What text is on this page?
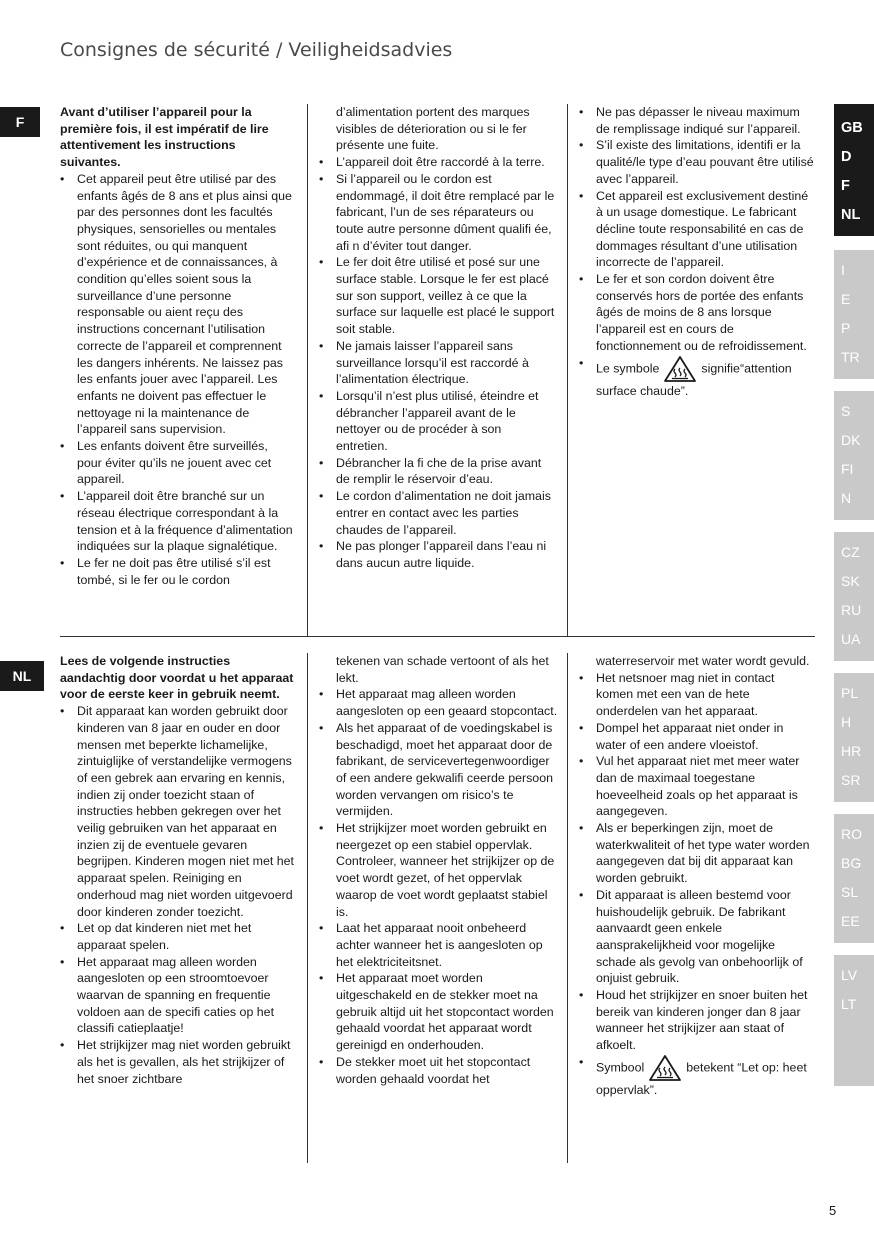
Consignes de sécurité / Veiligheidsadvies
F

Avant d’utiliser l’appareil pour la première fois, il est impératif de lire attentivement les instructions suivantes.

• Cet appareil peut être utilisé par des enfants âgés de 8 ans et plus ainsi que par des personnes dont les facultés physiques, sensorielles ou mentales sont réduites, ou qui manquent d’expérience et de connaissances, à condition qu’elles soient sous la surveillance d’une personne responsable ou aient reçu des instructions concernant l’utilisation correcte de l’appareil et comprennent les dangers inhérents. Ne laissez pas les enfants jouer avec l’appareil. Les enfants ne doivent pas effectuer le nettoyage ni la maintenance de l’appareil sans supervision.
• Les enfants doivent être surveillés, pour éviter qu’ils ne jouent avec cet appareil.
• L’appareil doit être branché sur un réseau électrique correspondant à la tension et à la fréquence d’alimentation indiquées sur la plaque signalétique.
• Le fer ne doit pas être utilisé s’il est tombé, si le fer ou le cordon

d’alimentation portent des marques visibles de déterioration ou si le fer présente une fuite.

• L’appareil doit être raccordé à la terre.
• Si l’appareil ou le cordon est endommagé, il doit être remplacé par le fabricant, l’un de ses réparateurs ou toute autre personne dûment qualifi ée, afi n d’éviter tout danger.
• Le fer doit être utilisé et posé sur une surface stable. Lorsque le fer est placé sur son support, veillez à ce que la surface sur laquelle est placé le support soit stable.
• Ne jamais laisser l’appareil sans surveillance lorsqu’il est raccordé à l’alimentation électrique.
• Lorsqu’il n’est plus utilisé, éteindre et débrancher l’appareil avant de le nettoyer ou de procéder à son entretien.
• Débrancher la fi che de la prise avant de remplir le réservoir d’eau.
• Le cordon d’alimentation ne doit jamais entrer en contact avec les parties chaudes de l’appareil.
• Ne pas plonger l’appareil dans l’eau ni dans aucun autre liquide.
• Ne pas dépasser le niveau maximum de remplissage indiqué sur l’appareil.
• S’il existe des limitations, identifi er la qualité/le type d’eau pouvant être utilisé avec l’appareil.
• Cet appareil est exclusivement destiné à un usage domestique. Le fabricant décline toute responsabilité en cas de dommages résultant d’une utilisation incorrecte de l’appareil.
• Le fer et son cordon doivent être conservés hors de portée des enfants âgés de moins de 8 ans lorsque l’appareil est en cours de fonctionnement ou de refroidissement.
• Le symbole	signifie“attention surface chaude”.
NL

Lees de volgende instructies aandachtig door voordat u het apparaat voor de eerste keer in gebruik neemt.

• Dit apparaat kan worden gebruikt door kinderen van 8 jaar en ouder en door mensen met beperkte lichamelijke, zintuiglijke of verstandelijke vermogens of een gebrek aan ervaring en kennis, indien zij onder toezicht staan of instructies hebben gekregen over het veilig gebruiken van het apparaat en inzien zij de eventuele gevaren begrijpen. Kinderen mogen niet met het apparaat spelen. Reiniging en onderhoud mag niet worden uitgevoerd door kinderen zonder toezicht.
• Let op dat kinderen niet met het apparaat spelen.
• Het apparaat mag alleen worden aangesloten op een stroomtoevoer waarvan de spanning en frequentie voldoen aan de specifi caties op het classifi catieplaatje!
• Het strijkijzer mag niet worden gebruikt als het is gevallen, als het strijkijzer of het snoer zichtbare

tekenen van schade vertoont of als het lekt.

• Het apparaat mag alleen worden aangesloten op een geaard stopcontact.
• Als het apparaat of de voedingskabel is beschadigd, moet het apparaat door de fabrikant, de servicevertegenwoordiger of een andere gekwalifi ceerde persoon worden vervangen om risico’s te vermijden.
• Het strijkijzer moet worden gebruikt en neergezet op een stabiel oppervlak. Controleer, wanneer het strijkijzer op de voet wordt gezet, of het oppervlak waarop de voet wordt geplaatst stabiel is.
• Laat het apparaat nooit onbeheerd achter wanneer het is aangesloten op het elektriciteitsnet.
• Het apparaat moet worden uitgeschakeld en de stekker moet na gebruik altijd uit het stopcontact worden gehaald voordat het apparaat wordt gereinigd en onderhouden.
• De stekker moet uit het stopcontact worden gehaald voordat het

waterreservoir met water wordt gevuld.

• Het netsnoer mag niet in contact komen met een van de hete onderdelen van het apparaat.
• Dompel het apparaat niet onder in water of een andere vloeistof.
• Vul het apparaat niet met meer water dan de maximaal toegestane hoeveelheid zoals op het apparaat is aangegeven.
• Als er beperkingen zijn, moet de waterkwaliteit of het type water worden aangegeven dat bij dit apparaat kan worden gebruikt.
• Dit apparaat is alleen bestemd voor huishoudelijk gebruik. De fabrikant aanvaardt geen enkele aansprakelijkheid voor mogelijke schade als gevolg van onbehoorlijk of onjuist gebruik.
• Houd het strijkijzer en snoer buiten het bereik van kinderen jonger dan 8 jaar wanneer het strijkijzer aan staat of afkoelt.
• Symbool	betekent “Let op: heet oppervlak”.
GB
D
F
NL
I
E
P
TR
S
DK
FI
N
CZ
SK
RU
UA
PL
H
HR
SR
RO
BG
SL
EE
LV
LT
5
